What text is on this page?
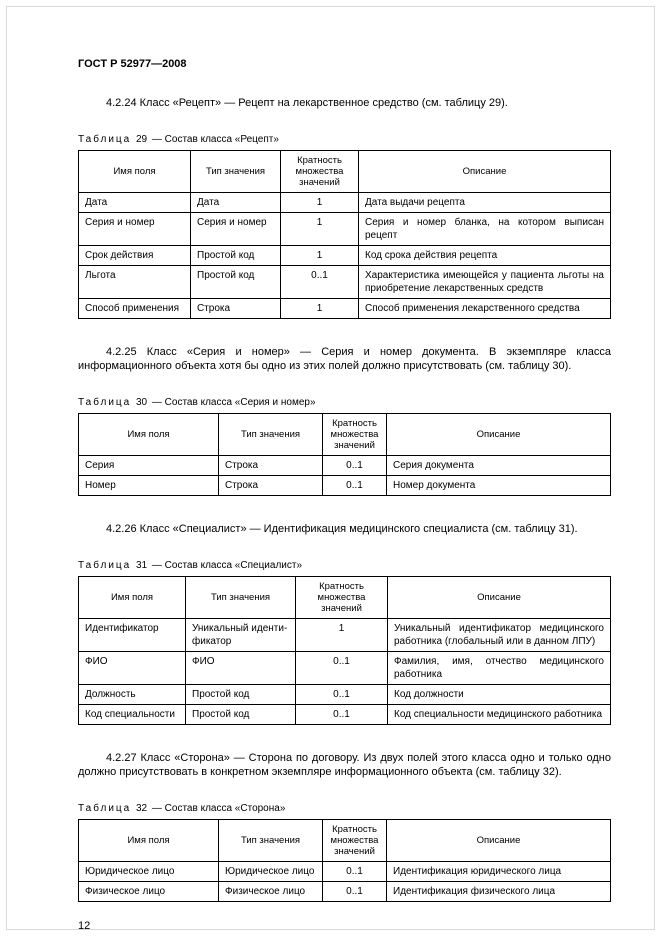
ГОСТ Р 52977—2008

4.2.24 Класс «Рецепт» — Рецепт на лекарственное средство (см. таблицу 29).

Таблица 29 — Состав класса «Рецепт»

Имя поля	Тип значения	Кратность множества значений	Описание
Дата	Дата	1	Дата выдачи рецепта
Серия и номер	Серия и номер	1	Серия и номер бланка, на котором выписан рецепт
Срок действия	Простой код	1	Код срока действия рецепта
Льгота	Простой код	0..1	Характеристика имеющейся у пациента льготы на приобретение лекарственных средств
Способ применения	Строка	1	Способ применения лекарственного средства

4.2.25 Класс «Серия и номер» — Серия и номер документа. В экземпляре класса информационного объекта хотя бы одно из этих полей должно присутствовать (см. таблицу 30).

Таблица 30 — Состав класса «Серия и номер»

Имя поля	Тип значения	Кратность множества значений	Описание
Серия	Строка	0..1	Серия документа
Номер	Строка	0..1	Номер документа

4.2.26 Класс «Специалист» — Идентификация медицинского специалиста (см. таблицу 31).

Таблица 31 — Состав класса «Специалист»

Имя поля	Тип значения	Кратность множества значений	Описание
Идентификатор	Уникальный иденти-фикатор	1	Уникальный идентификатор медицинского работника (глобальный или в данном ЛПУ)
ФИО	ФИО	0..1	Фамилия, имя, отчество медицинского работника
Должность	Простой код	0..1	Код должности
Код специальности	Простой код	0..1	Код специальности медицинского работника

4.2.27 Класс «Сторона» — Сторона по договору. Из двух полей этого класса одно и только одно должно присутствовать в конкретном экземпляре информационного объекта (см. таблицу 32).

Таблица 32 — Состав класса «Сторона»

Имя поля	Тип значения	Кратность множества значений	Описание
Юридическое лицо	Юридическое лицо	0..1	Идентификация юридического лица
Физическое лицо	Физическое лицо	0..1	Идентификация физического лица
12
